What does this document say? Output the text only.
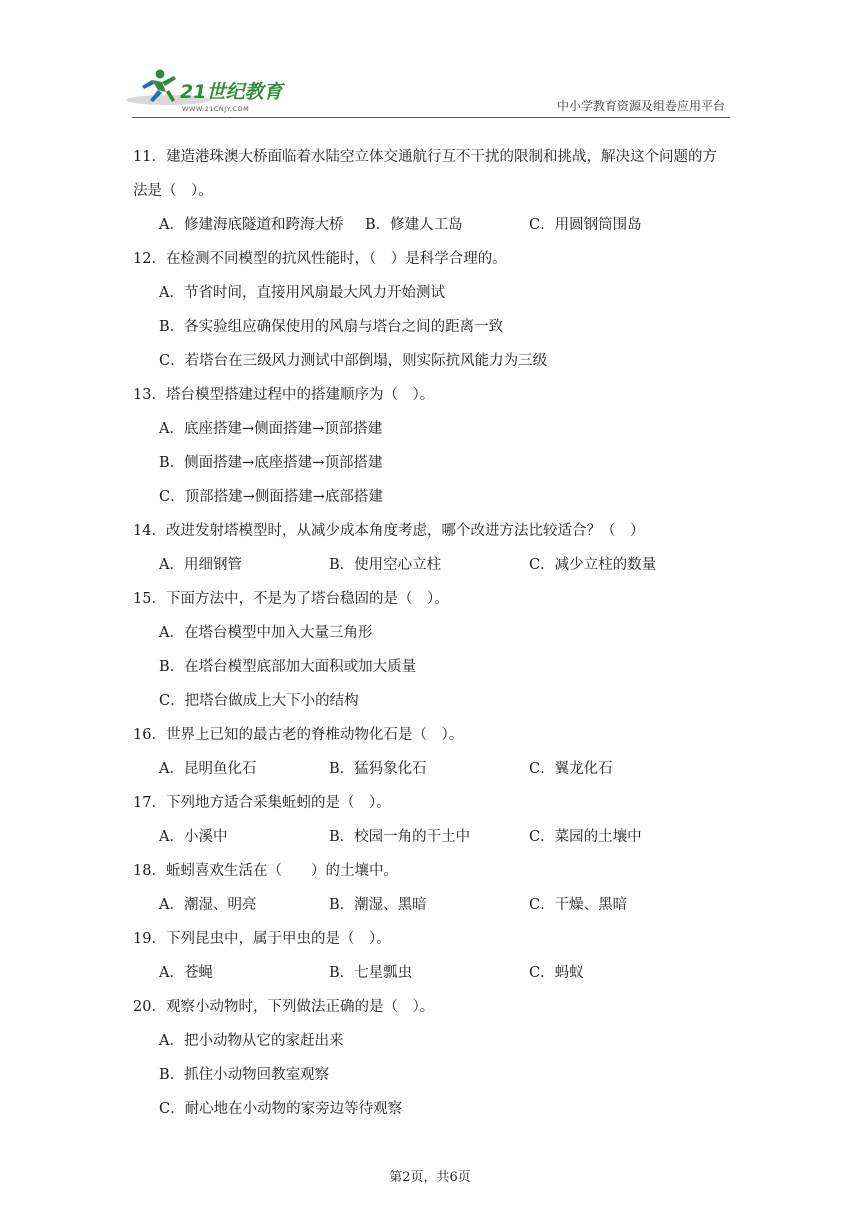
21世纪教育
WWW.21CNJY.COM	中小学教育资源及组卷应用平台
11．建造港珠澳大桥面临着水陆空立体交通航行互不干扰的限制和挑战，解决这个问题的方
法是（　）。
A．修建海底隧道和跨海大桥	B．修建人工岛	C．用圆钢筒围岛
12．在检测不同模型的抗风性能时，（　）是科学合理的。
A．节省时间，直接用风扇最大风力开始测试
B．各实验组应确保使用的风扇与塔台之间的距离一致
C．若塔台在三级风力测试中部倒塌，则实际抗风能力为三级
13．塔台模型搭建过程中的搭建顺序为（　）。
A．底座搭建→侧面搭建→顶部搭建
B．侧面搭建→底座搭建→顶部搭建
C．顶部搭建→侧面搭建→底部搭建
14．改进发射塔模型时，从减少成本角度考虑，哪个改进方法比较适合？（　）
A．用细钢管	B．使用空心立柱	C．减少立柱的数量
15．下面方法中，不是为了塔台稳固的是（　）。
A．在塔台模型中加入大量三角形
B．在塔台模型底部加大面积或加大质量
C．把塔台做成上大下小的结构
16．世界上已知的最古老的脊椎动物化石是（　）。
A．昆明鱼化石	B．猛犸象化石	C．翼龙化石
17．下列地方适合采集蚯蚓的是（　）。
A．小溪中	B．校园一角的干土中	C．菜园的土壤中
18．蚯蚓喜欢生活在（　　）的土壤中。
A．潮湿、明亮	B．潮湿、黑暗	C．干燥、黑暗
19．下列昆虫中，属于甲虫的是（　）。
A．苍蝇	B．七星瓢虫	C．蚂蚁
20．观察小动物时，下列做法正确的是（　）。
A．把小动物从它的家赶出来
B．抓住小动物回教室观察
C．耐心地在小动物的家旁边等待观察
第2页，共6页
